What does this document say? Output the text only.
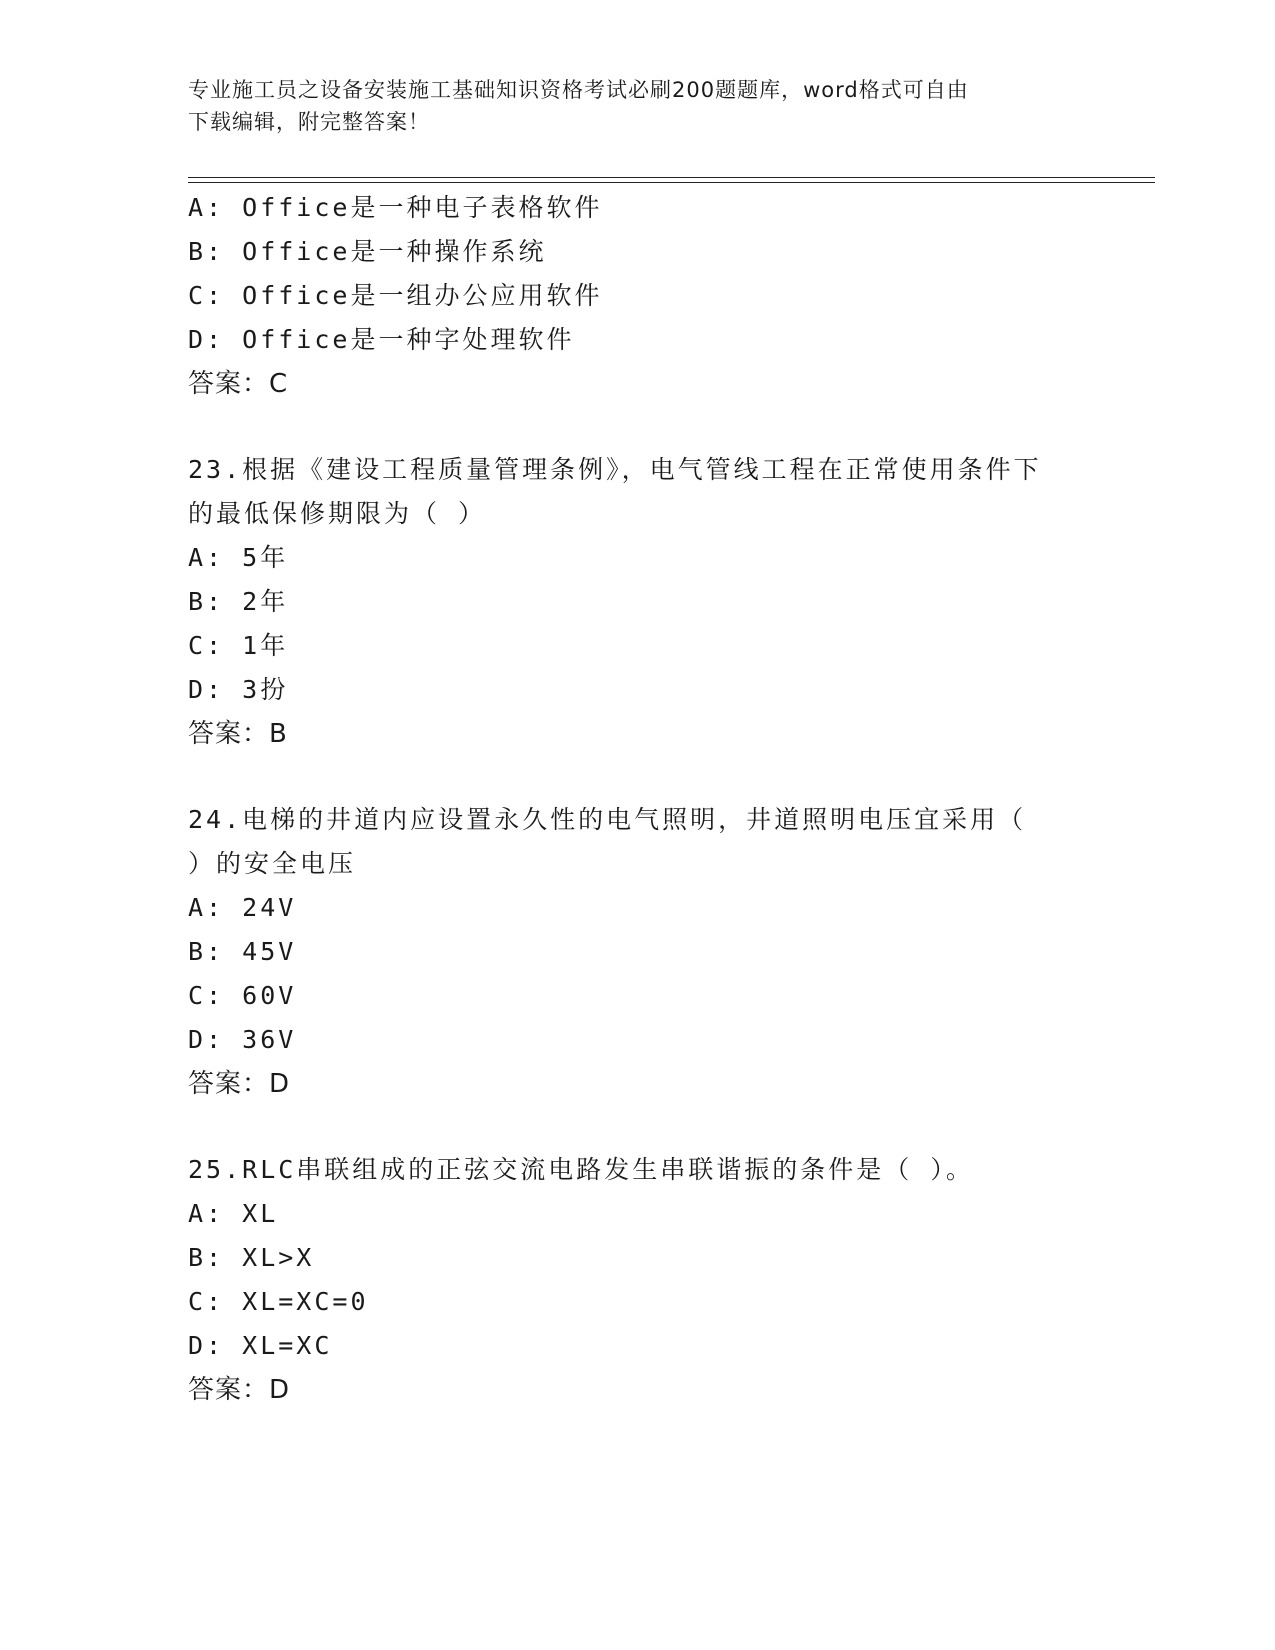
专业施工员之设备安装施工基础知识资格考试必刷200题题库，word格式可自由
下载编辑，附完整答案！
A: Office是一种电子表格软件
B: Office是一种操作系统
C: Office是一组办公应用软件
D: Office是一种字处理软件
答案：C
23.根据《建设工程质量管理条例》，电气管线工程在正常使用条件下
的最低保修期限为（ ）
A: 5年
B: 2年
C: 1年
D: 3扮
答案：B
24.电梯的井道内应设置永久性的电气照明，井道照明电压宜采用（
）的安全电压
A: 24V
B: 45V
C: 60V
D: 36V
答案：D
25.RLC串联组成的正弦交流电路发生串联谐振的条件是（ ）。
A: XL
B: XL>X
C: XL=XC=0
D: XL=XC
答案：D
